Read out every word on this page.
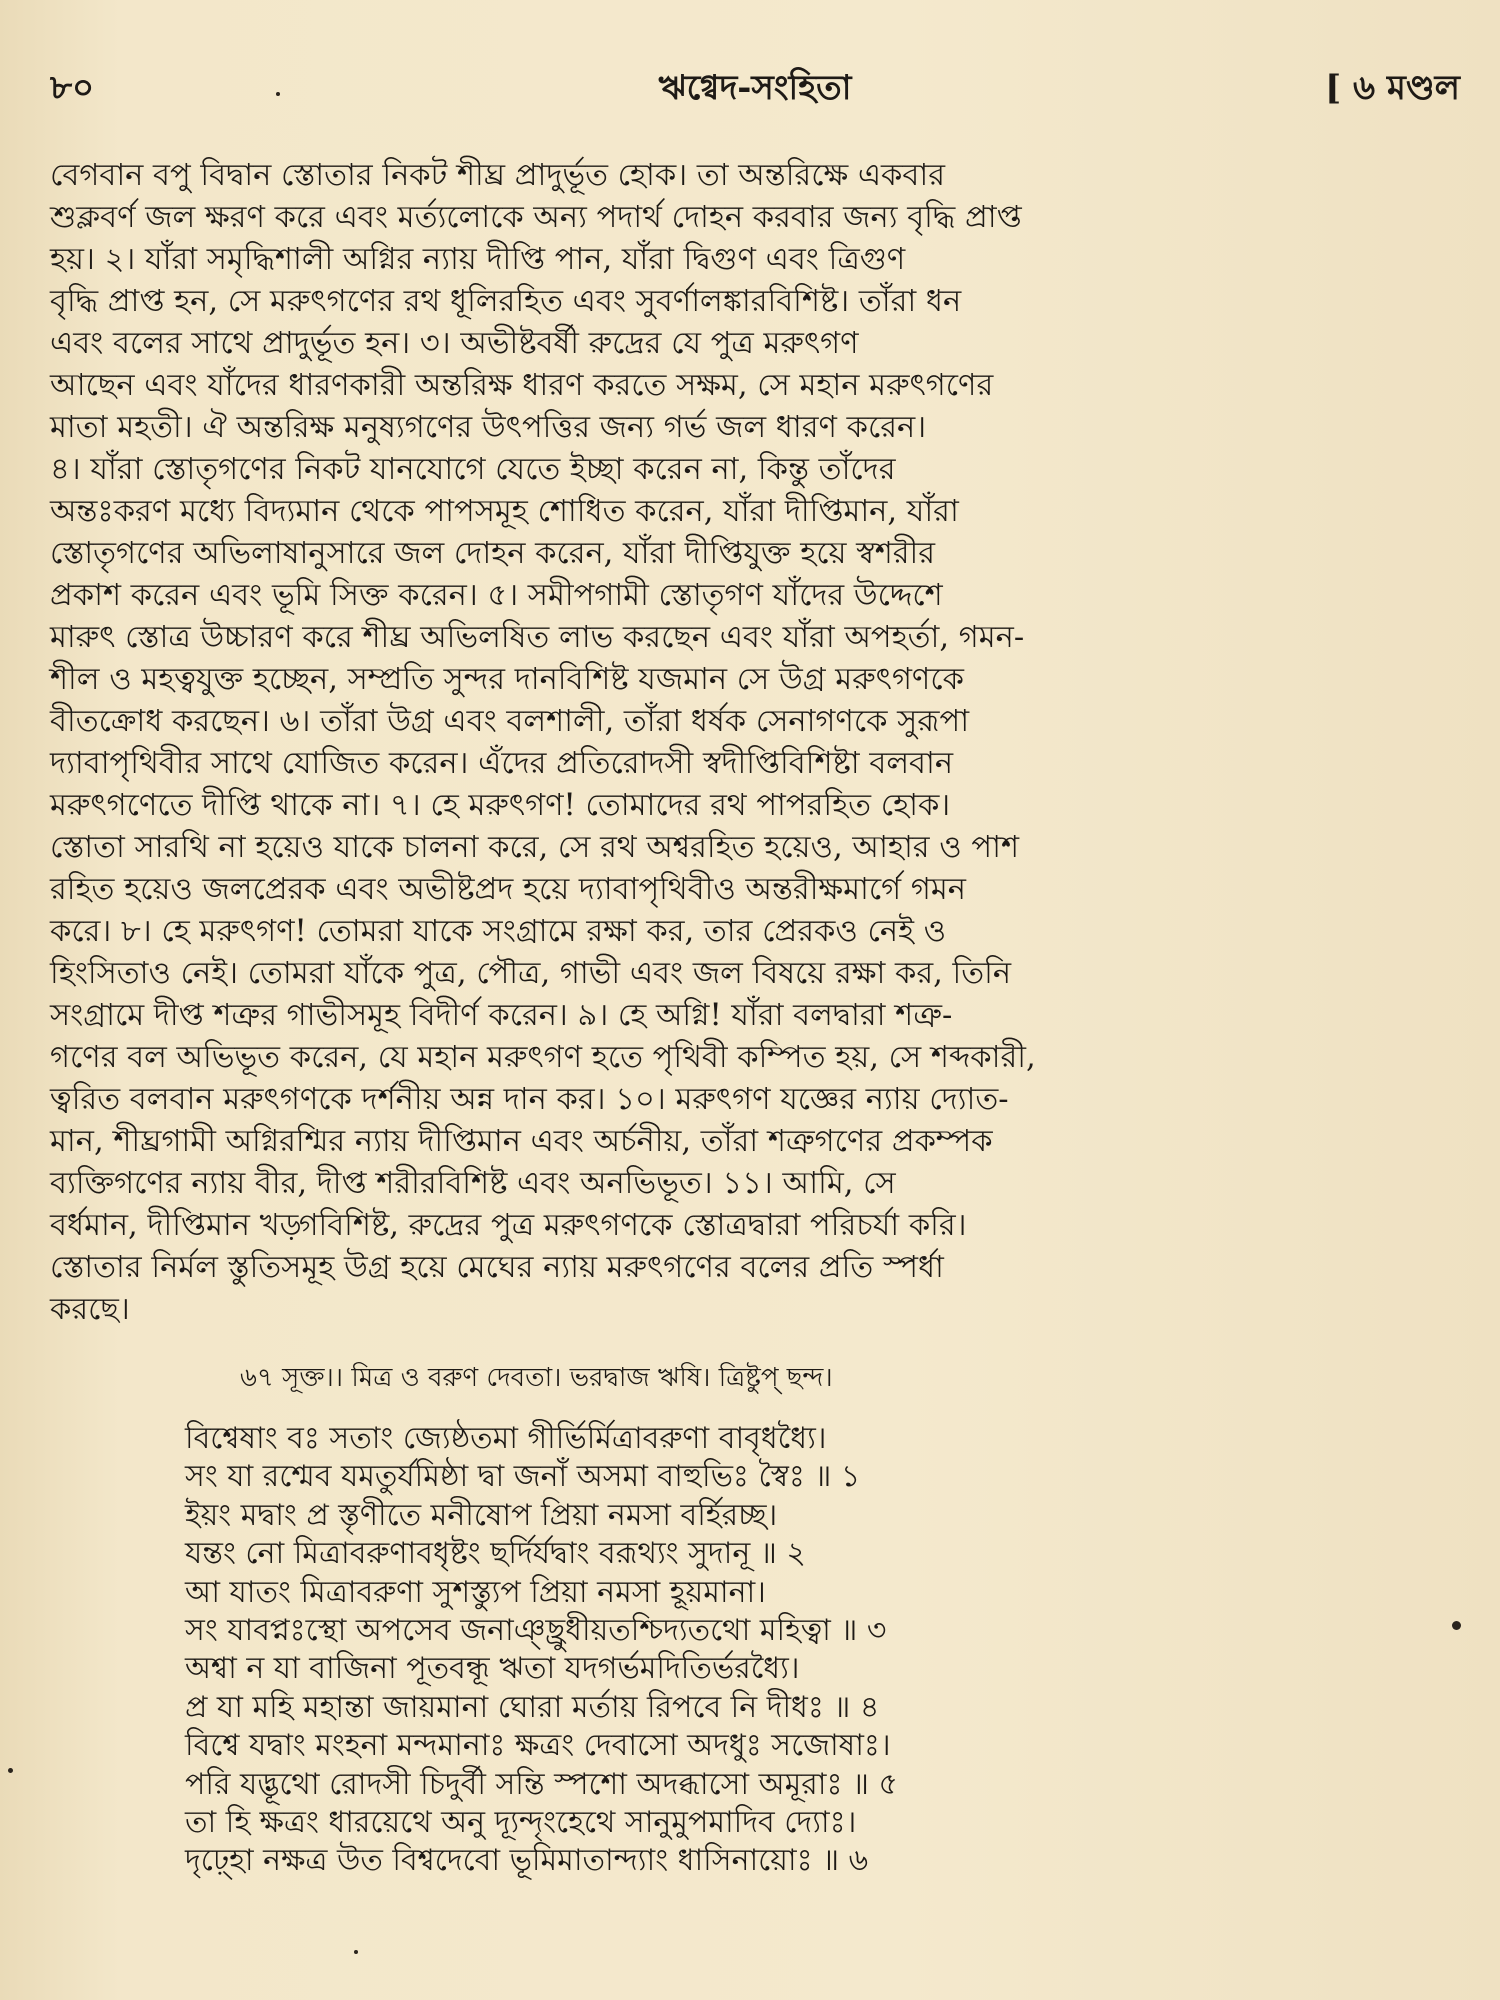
৮০	ঋগ্বেদ-সংহিতা	[ ৬ মণ্ডল

বেগবান বপু বিদ্বান স্তোতার নিকট শীঘ্র প্রাদুর্ভূত হোক। তা অন্তরিক্ষে একবার

শুক্লবর্ণ জল ক্ষরণ করে এবং মর্ত্যলোকে অন্য পদার্থ দোহন করবার জন্য বৃদ্ধি প্রাপ্ত

হয়। ২। যাঁরা সমৃদ্ধিশালী অগ্নির ন্যায় দীপ্তি পান, যাঁরা দ্বিগুণ এবং ত্রিগুণ

বৃদ্ধি প্রাপ্ত হন, সে মরুৎগণের রথ ধূলিরহিত এবং সুবর্ণালঙ্কারবিশিষ্ট। তাঁরা ধন

এবং বলের সাথে প্রাদুর্ভূত হন। ৩। অভীষ্টবর্ষী রুদ্রের যে পুত্র মরুৎগণ

আছেন এবং যাঁদের ধারণকারী অন্তরিক্ষ ধারণ করতে সক্ষম, সে মহান মরুৎগণের

মাতা মহতী। ঐ অন্তরিক্ষ মনুষ্যগণের উৎপত্তির জন্য গর্ভ জল ধারণ করেন।

৪। যাঁরা স্তোতৃগণের নিকট যানযোগে যেতে ইচ্ছা করেন না, কিন্তু তাঁদের

অন্তঃকরণ মধ্যে বিদ্যমান থেকে পাপসমূহ শোধিত করেন, যাঁরা দীপ্তিমান, যাঁরা

স্তোতৃগণের অভিলাষানুসারে জল দোহন করেন, যাঁরা দীপ্তিযুক্ত হয়ে স্বশরীর

প্রকাশ করেন এবং ভূমি সিক্ত করেন। ৫। সমীপগামী স্তোতৃগণ যাঁদের উদ্দেশে

মারুৎ স্তোত্র উচ্চারণ করে শীঘ্র অভিলষিত লাভ করছেন এবং যাঁরা অপহর্তা, গমন-

শীল ও মহত্বযুক্ত হচ্ছেন, সম্প্রতি সুন্দর দানবিশিষ্ট যজমান সে উগ্র মরুৎগণকে

বীতক্রোধ করছেন। ৬। তাঁরা উগ্র এবং বলশালী, তাঁরা ধর্ষক সেনাগণকে সুরূপা

দ্যাবাপৃথিবীর সাথে যোজিত করেন। এঁদের প্রতিরোদসী স্বদীপ্তিবিশিষ্টা বলবান

মরুৎগণেতে দীপ্তি থাকে না। ৭। হে মরুৎগণ! তোমাদের রথ পাপরহিত হোক।

স্তোতা সারথি না হয়েও যাকে চালনা করে, সে রথ অশ্বরহিত হয়েও, আহার ও পাশ

রহিত হয়েও জলপ্রেরক এবং অভীষ্টপ্রদ হয়ে দ্যাবাপৃথিবীও অন্তরীক্ষমার্গে গমন

করে। ৮। হে মরুৎগণ! তোমরা যাকে সংগ্রামে রক্ষা কর, তার প্রেরকও নেই ও

হিংসিতাও নেই। তোমরা যাঁকে পুত্র, পৌত্র, গাভী এবং জল বিষয়ে রক্ষা কর, তিনি

সংগ্রামে দীপ্ত শত্রুর গাভীসমূহ বিদীর্ণ করেন। ৯। হে অগ্নি! যাঁরা বলদ্বারা শত্রু-

গণের বল অভিভূত করেন, যে মহান মরুৎগণ হতে পৃথিবী কম্পিত হয়, সে শব্দকারী,

ত্বরিত বলবান মরুৎগণকে দর্শনীয় অন্ন দান কর। ১০। মরুৎগণ যজ্ঞের ন্যায় দ্যোত-

মান, শীঘ্রগামী অগ্নিরশ্মির ন্যায় দীপ্তিমান এবং অর্চনীয়, তাঁরা শত্রুগণের প্রকম্পক

ব্যক্তিগণের ন্যায় বীর, দীপ্ত শরীরবিশিষ্ট এবং অনভিভূত। ১১। আমি, সে

বর্ধমান, দীপ্তিমান খড়্গবিশিষ্ট, রুদ্রের পুত্র মরুৎগণকে স্তোত্রদ্বারা পরিচর্যা করি।

স্তোতার নির্মল স্তুতিসমূহ উগ্র হয়ে মেঘের ন্যায় মরুৎগণের বলের প্রতি স্পর্ধা

করছে।

৬৭ সূক্ত।। মিত্র ও বরুণ দেবতা। ভরদ্বাজ ঋষি। ত্রিষ্টুপ্ ছন্দ।

বিশ্বেষাং বঃ সতাং জ্যেষ্ঠতমা গীর্ভির্মিত্রাবরুণা বাবৃধধ্যৈ।

সং যা রশ্মেব যমতুর্যমিষ্ঠা দ্বা জনাঁ অসমা বাহুভিঃ স্বৈঃ ॥ ১

ইয়ং মদ্বাং প্র স্তৃণীতে মনীষোপ প্রিয়া নমসা বর্হিরচ্ছ।

যন্তং নো মিত্রাবরুণাবধৃষ্টং ছর্দির্যদ্বাং বরূথ্যং সুদানূ ॥ ২

আ যাতং মিত্রাবরুণা সুশস্ত্যুপ প্রিয়া নমসা হূয়মানা।

সং যাবপ্নঃস্থো অপসেব জনাঞ্ছ্রুধীয়তশ্চিদ্যতথো মহিত্বা ॥ ৩

অশ্বা ন যা বাজিনা পূতবন্ধূ ঋতা যদগর্ভমদিতির্ভরধ্যৈ।

প্র যা মহি মহান্তা জায়মানা ঘোরা মর্তায় রিপবে নি দীধঃ ॥ ৪

বিশ্বে যদ্বাং মংহনা মন্দমানাঃ ক্ষত্রং দেবাসো অদধুঃ সজোষাঃ।

পরি যদ্ভূথো রোদসী চিদুর্বী সন্তি স্পশো অদব্ধাসো অমূরাঃ ॥ ৫

তা হি ক্ষত্রং ধারয়েথে অনু দ্যূন্দৃংহেথে সানুমুপমাদিব দ্যোঃ।

দৃঢ়্হো নক্ষত্র উত বিশ্বদেবো ভূমিমাতান্দ্যাং ধাসিনায়োঃ ॥ ৬
